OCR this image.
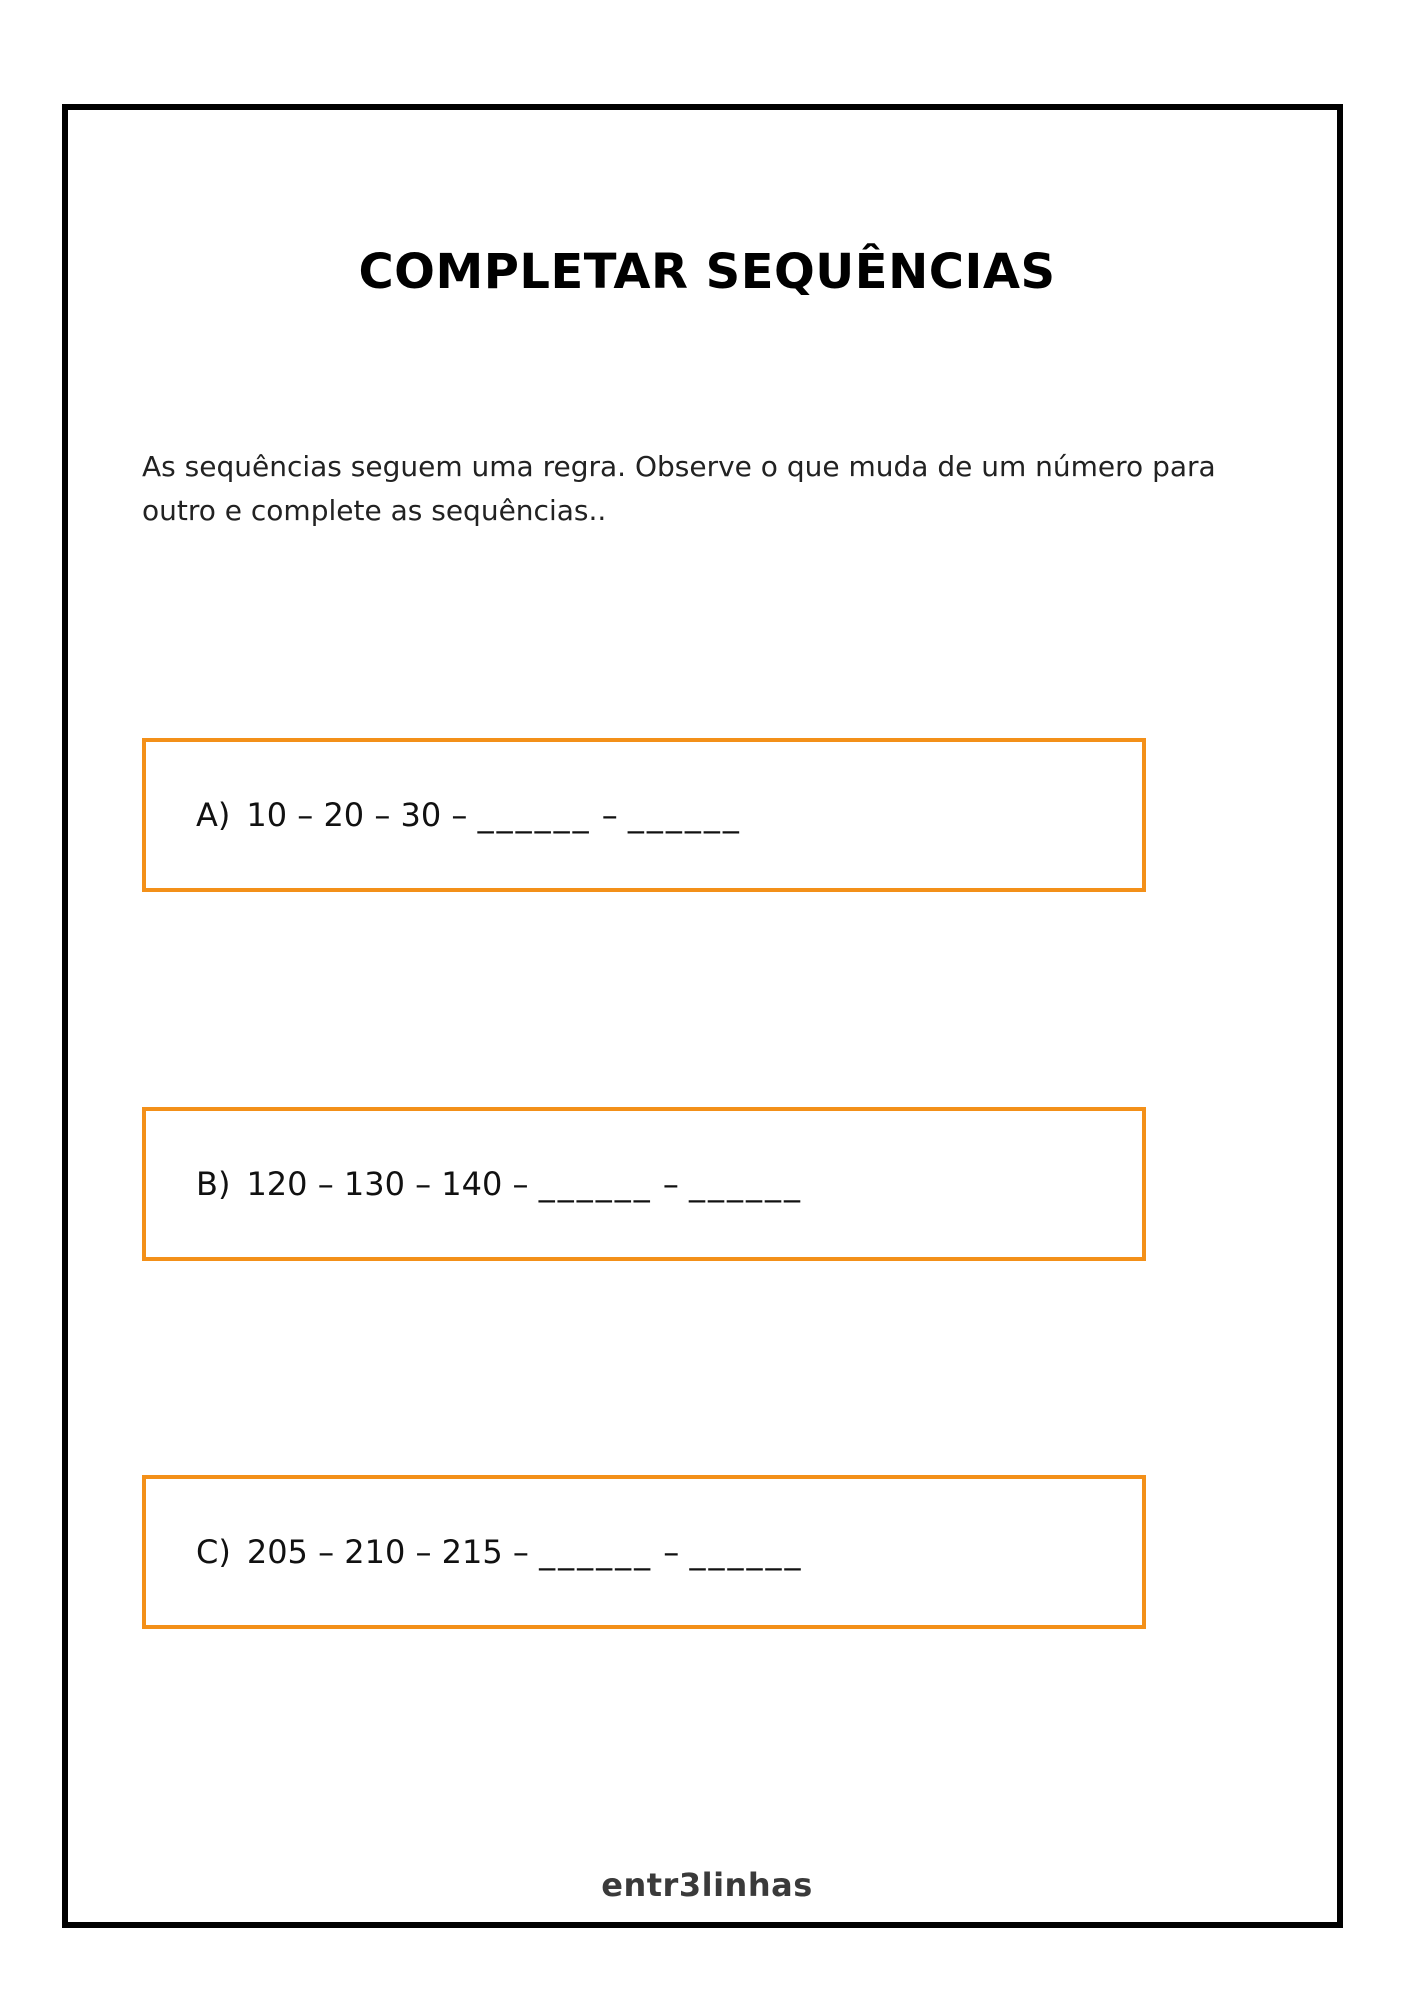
COMPLETAR SEQUÊNCIAS

As sequências seguem uma regra. Observe o que muda de um número para outro e complete as sequências..

A) 10 – 20 – 30 –
______
–
______
B) 120 – 130 – 140 –
______
–
______
C) 205 – 210 – 215 –
______
–
______
entr3linhas
